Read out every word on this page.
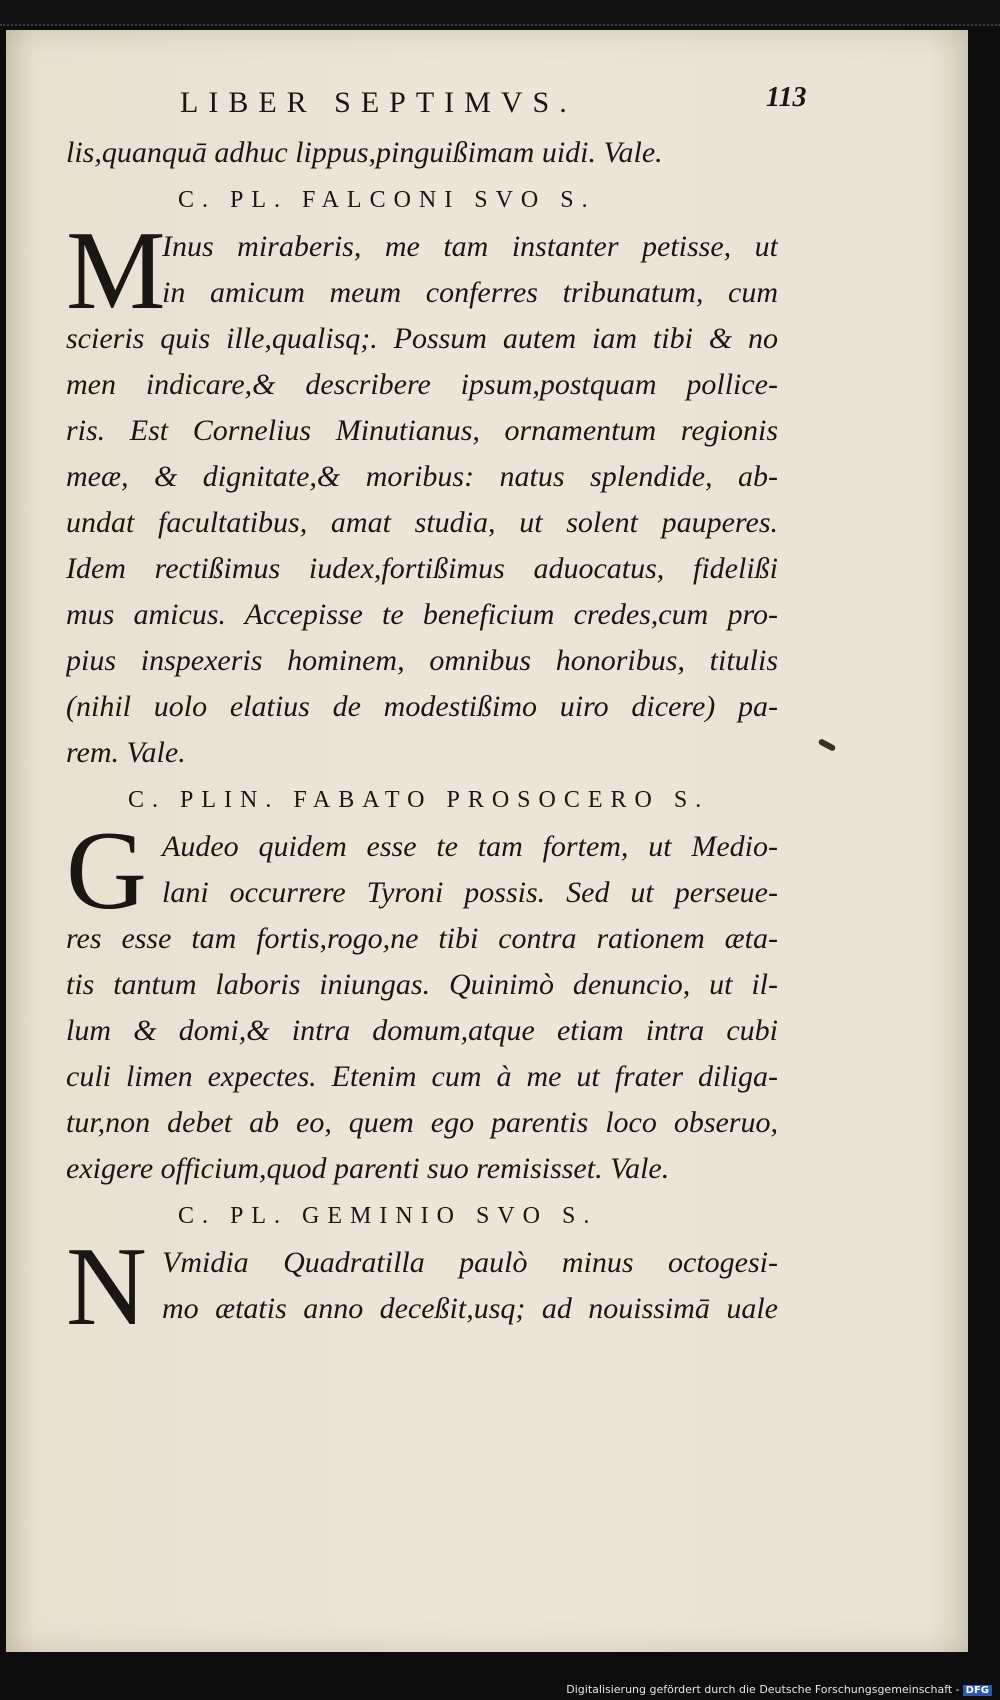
LIBER SEPTIMVS.	113
lis,quanquā adhuc lippus,pinguißimam uidi. Vale.
C. PL. FALCONI SVO S.
M
Inus miraberis, me tam instanter petisse, ut
in amicum meum conferres tribunatum, cum
scieris quis ille,qualisq;. Possum autem iam tibi & no
men indicare,& describere ipsum,postquam pollice-
ris. Est Cornelius Minutianus, ornamentum regionis
meæ, & dignitate,& moribus: natus splendide, ab-
undat facultatibus, amat studia, ut solent pauperes.
Idem rectißimus iudex,fortißimus aduocatus, fidelißi
mus amicus. Accepisse te beneficium credes,cum pro-
pius inspexeris hominem, omnibus honoribus, titulis
(nihil uolo elatius de modestißimo uiro dicere) pa-
rem. Vale.
C. PLIN. FABATO PROSOCERO S.
G Audeo quidem esse te tam fortem, ut Medio-
lani occurrere Tyroni possis. Sed ut perseue-
res esse tam fortis,rogo,ne tibi contra rationem æta-
tis tantum laboris iniungas. Quinimò denuncio, ut il-
lum & domi,& intra domum,atque etiam intra cubi
culi limen expectes. Etenim cum à me ut frater diliga-
tur,non debet ab eo, quem ego parentis loco obseruo,
exigere officium,quod parenti suo remisisset. Vale.
C. PL. GEMINIO SVO S.
N Vmidia Quadratilla paulò minus octogesi-
mo ætatis anno deceßit,usq; ad nouissimā uale
Digitalisierung gefördert durch die Deutsche Forschungsgemeinschaft - DFG
